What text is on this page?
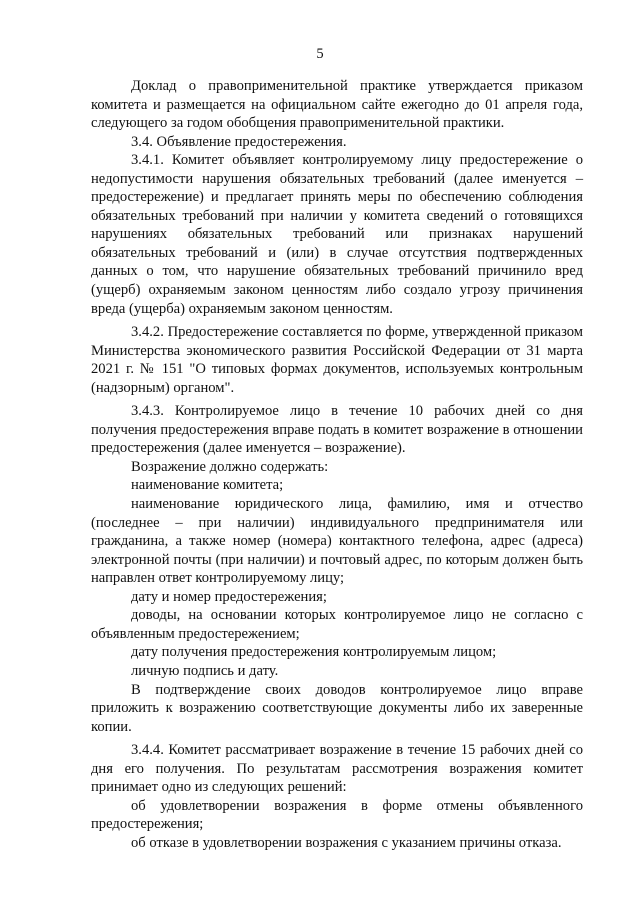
5

Доклад о правоприменительной практике утверждается приказом комитета и размещается на официальном сайте ежегодно до 01 апреля года, следующего за годом обобщения правоприменительной практики.

3.4. Объявление предостережения.

3.4.1. Комитет объявляет контролируемому лицу предостережение о недопустимости нарушения обязательных требований (далее именуется – предостережение) и предлагает принять меры по обеспечению соблюдения обязательных требований при наличии у комитета сведений о готовящихся нарушениях обязательных требований или признаках нарушений обязательных требований и (или) в случае отсутствия подтвержденных данных о том, что нарушение обязательных требований причинило вред (ущерб) охраняемым законом ценностям либо создало угрозу причинения вреда (ущерба) охраняемым законом ценностям.

3.4.2. Предостережение составляется по форме, утвержденной приказом Министерства экономического развития Российской Федерации от 31 марта 2021 г. № 151 "О типовых формах документов, используемых контрольным (надзорным) органом".

3.4.3. Контролируемое лицо в течение 10 рабочих дней со дня получения предостережения вправе подать в комитет возражение в отношении предостережения (далее именуется – возражение).

Возражение должно содержать:

наименование комитета;

наименование юридического лица, фамилию, имя и отчество (последнее – при наличии) индивидуального предпринимателя или гражданина, а также номер (номера) контактного телефона, адрес (адреса) электронной почты (при наличии) и почтовый адрес, по которым должен быть направлен ответ контролируемому лицу;

дату и номер предостережения;

доводы, на основании которых контролируемое лицо не согласно с объявленным предостережением;

дату получения предостережения контролируемым лицом;

личную подпись и дату.

В подтверждение своих доводов контролируемое лицо вправе приложить к возражению соответствующие документы либо их заверенные копии.

3.4.4. Комитет рассматривает возражение в течение 15 рабочих дней со дня его получения. По результатам рассмотрения возражения комитет принимает одно из следующих решений:

об удовлетворении возражения в форме отмены объявленного предостережения;

об отказе в удовлетворении возражения с указанием причины отказа.
